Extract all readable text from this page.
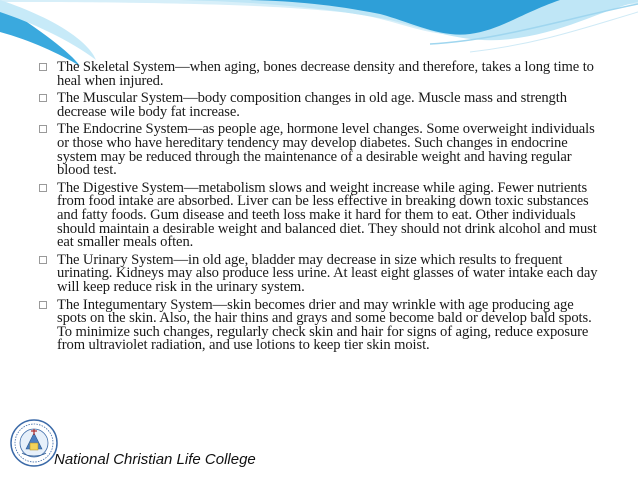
The Skeletal System—when aging, bones decrease density and therefore, takes a long time to heal when injured.
The Muscular System—body composition changes in old age. Muscle mass and strength decrease wile body fat increase.
The Endocrine System—as people age, hormone level changes. Some overweight individuals or those who have hereditary tendency may develop diabetes. Such changes in endocrine system may be reduced through the maintenance of a desirable weight and having regular blood test.
The Digestive System—metabolism slows and weight increase while aging. Fewer nutrients from food intake are absorbed. Liver can be less effective in breaking down toxic substances and fatty foods. Gum disease and teeth loss make it hard for them to eat. Other individuals should maintain a desirable weight and balanced diet. They should not drink alcohol and must eat smaller meals often.
The Urinary System—in old age, bladder may decrease in size which results to frequent urinating. Kidneys may also produce less urine. At least eight glasses of water intake each day will keep reduce risk in the urinary system.
The Integumentary System—skin becomes drier and may wrinkle with age producing age spots on the skin. Also, the hair thins and grays and some become bald or develop bald spots. To minimize such changes, regularly check skin and hair for signs of aging, reduce exposure from ultraviolet radiation, and use lotions to keep tier skin moist.
National Christian Life College
